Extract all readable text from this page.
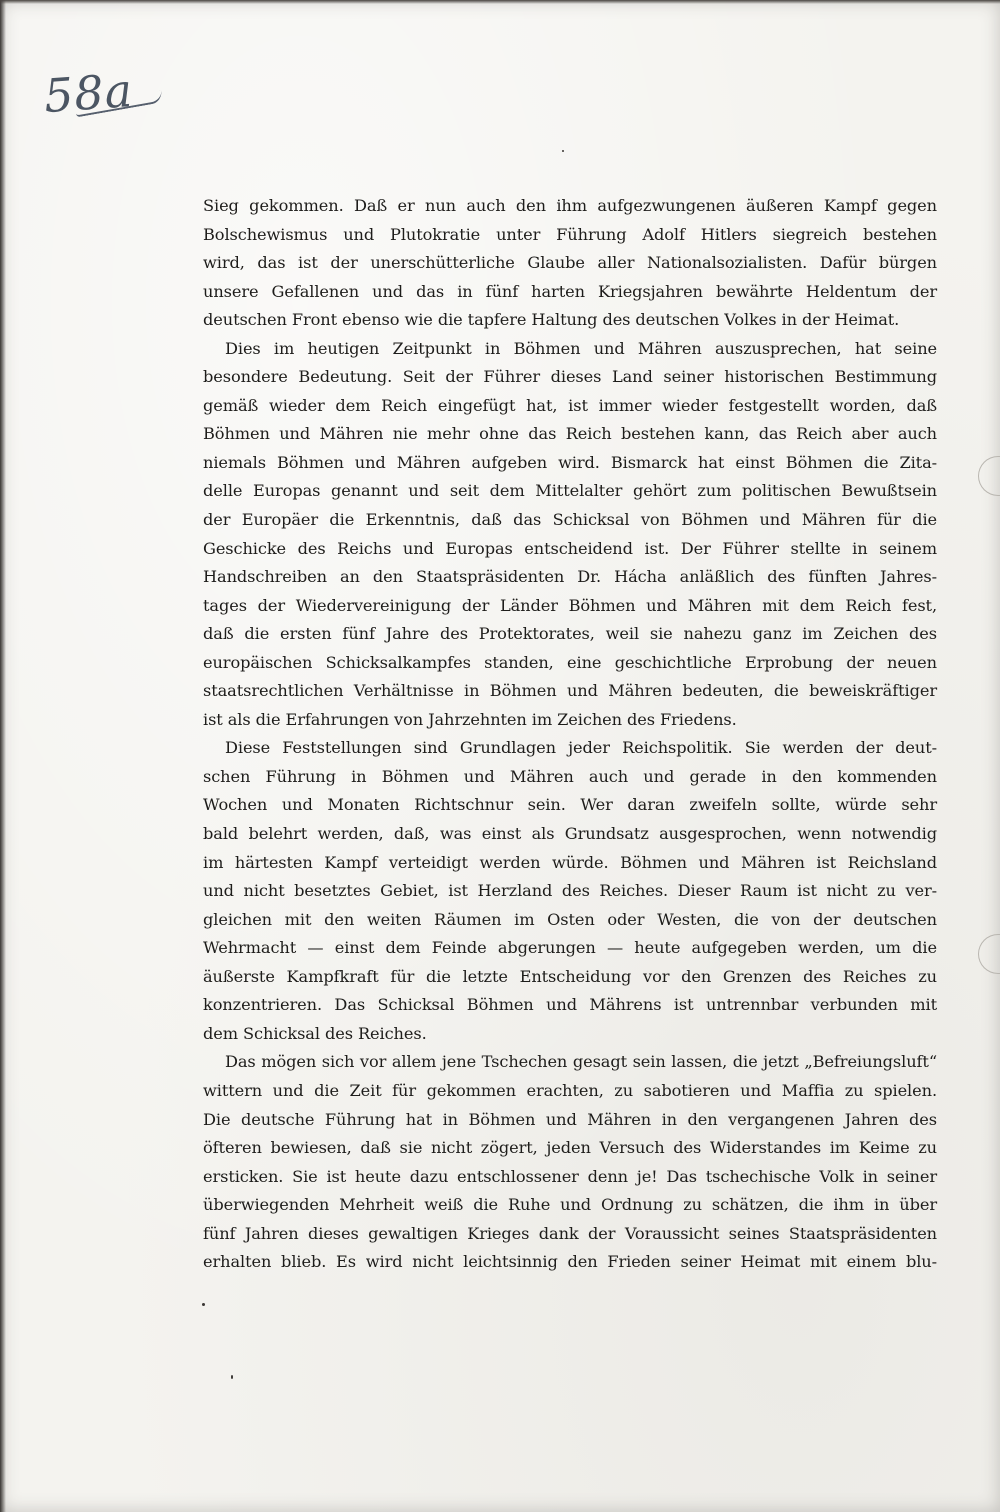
58a
Sieg gekommen. Daß er nun auch den ihm aufgezwungenen äußeren Kampf gegen
Bolschewismus und Plutokratie unter Führung Adolf Hitlers siegreich bestehen
wird, das ist der unerschütterliche Glaube aller Nationalsozialisten. Dafür bürgen
unsere Gefallenen und das in fünf harten Kriegsjahren bewährte Heldentum der
deutschen Front ebenso wie die tapfere Haltung des deutschen Volkes in der Heimat.
Dies im heutigen Zeitpunkt in Böhmen und Mähren auszusprechen, hat seine
besondere Bedeutung. Seit der Führer dieses Land seiner historischen Bestimmung
gemäß wieder dem Reich eingefügt hat, ist immer wieder festgestellt worden, daß
Böhmen und Mähren nie mehr ohne das Reich bestehen kann, das Reich aber auch
niemals Böhmen und Mähren aufgeben wird. Bismarck hat einst Böhmen die Zita-
delle Europas genannt und seit dem Mittelalter gehört zum politischen Bewußtsein
der Europäer die Erkenntnis, daß das Schicksal von Böhmen und Mähren für die
Geschicke des Reichs und Europas entscheidend ist. Der Führer stellte in seinem
Handschreiben an den Staatspräsidenten Dr. Hácha anläßlich des fünften Jahres-
tages der Wiedervereinigung der Länder Böhmen und Mähren mit dem Reich fest,
daß die ersten fünf Jahre des Protektorates, weil sie nahezu ganz im Zeichen des
europäischen Schicksalkampfes standen, eine geschichtliche Erprobung der neuen
staatsrechtlichen Verhältnisse in Böhmen und Mähren bedeuten, die beweiskräftiger
ist als die Erfahrungen von Jahrzehnten im Zeichen des Friedens.
Diese Feststellungen sind Grundlagen jeder Reichspolitik. Sie werden der deut-
schen Führung in Böhmen und Mähren auch und gerade in den kommenden
Wochen und Monaten Richtschnur sein. Wer daran zweifeln sollte, würde sehr
bald belehrt werden, daß, was einst als Grundsatz ausgesprochen, wenn notwendig
im härtesten Kampf verteidigt werden würde. Böhmen und Mähren ist Reichsland
und nicht besetztes Gebiet, ist Herzland des Reiches. Dieser Raum ist nicht zu ver-
gleichen mit den weiten Räumen im Osten oder Westen, die von der deutschen
Wehrmacht — einst dem Feinde abgerungen — heute aufgegeben werden, um die
äußerste Kampfkraft für die letzte Entscheidung vor den Grenzen des Reiches zu
konzentrieren. Das Schicksal Böhmen und Mährens ist untrennbar verbunden mit
dem Schicksal des Reiches.
Das mögen sich vor allem jene Tschechen gesagt sein lassen, die jetzt „Befreiungsluft“
wittern und die Zeit für gekommen erachten, zu sabotieren und Maffia zu spielen.
Die deutsche Führung hat in Böhmen und Mähren in den vergangenen Jahren des
öfteren bewiesen, daß sie nicht zögert, jeden Versuch des Widerstandes im Keime zu
ersticken. Sie ist heute dazu entschlossener denn je! Das tschechische Volk in seiner
überwiegenden Mehrheit weiß die Ruhe und Ordnung zu schätzen, die ihm in über
fünf Jahren dieses gewaltigen Krieges dank der Voraussicht seines Staatspräsidenten
erhalten blieb. Es wird nicht leichtsinnig den Frieden seiner Heimat mit einem blu-
